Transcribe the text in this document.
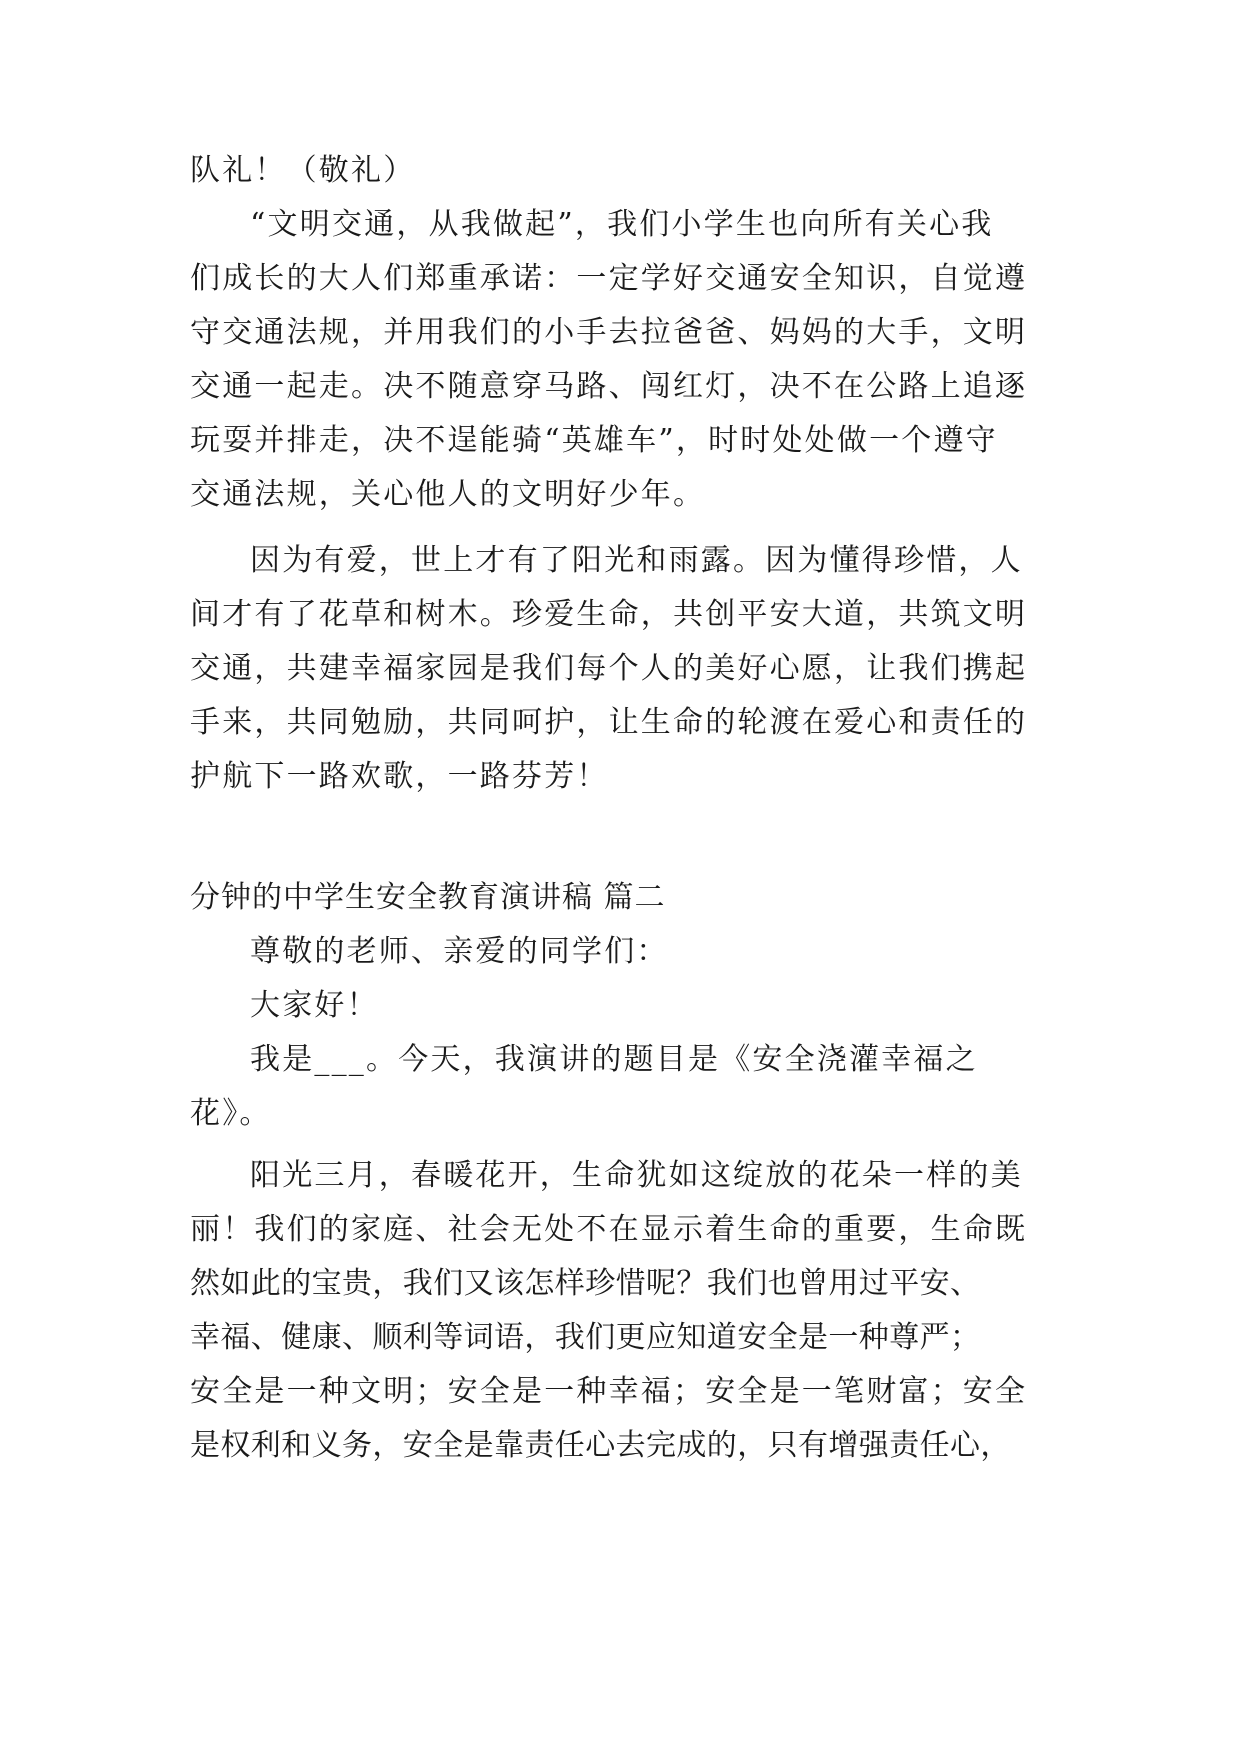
队礼！（敬礼）
“文明交通，从我做起”，我们小学生也向所有关心我
们成长的大人们郑重承诺：一定学好交通安全知识，自觉遵
守交通法规，并用我们的小手去拉爸爸、妈妈的大手，文明
交通一起走。决不随意穿马路、闯红灯，决不在公路上追逐
玩耍并排走，决不逞能骑“英雄车”，时时处处做一个遵守
交通法规，关心他人的文明好少年。
因为有爱，世上才有了阳光和雨露。因为懂得珍惜，人
间才有了花草和树木。珍爱生命，共创平安大道，共筑文明
交通，共建幸福家园是我们每个人的美好心愿，让我们携起
手来，共同勉励，共同呵护，让生命的轮渡在爱心和责任的
护航下一路欢歌，一路芬芳！
分钟的中学生安全教育演讲稿 篇二
尊敬的老师、亲爱的同学们：
大家好！
我是___。今天，我演讲的题目是《安全浇灌幸福之
花》。
阳光三月，春暖花开，生命犹如这绽放的花朵一样的美
丽！我们的家庭、社会无处不在显示着生命的重要，生命既
然如此的宝贵，我们又该怎样珍惜呢？我们也曾用过平安、
幸福、健康、顺利等词语，我们更应知道安全是一种尊严；
安全是一种文明；安全是一种幸福；安全是一笔财富；安全
是权利和义务，安全是靠责任心去完成的，只有增强责任心，
